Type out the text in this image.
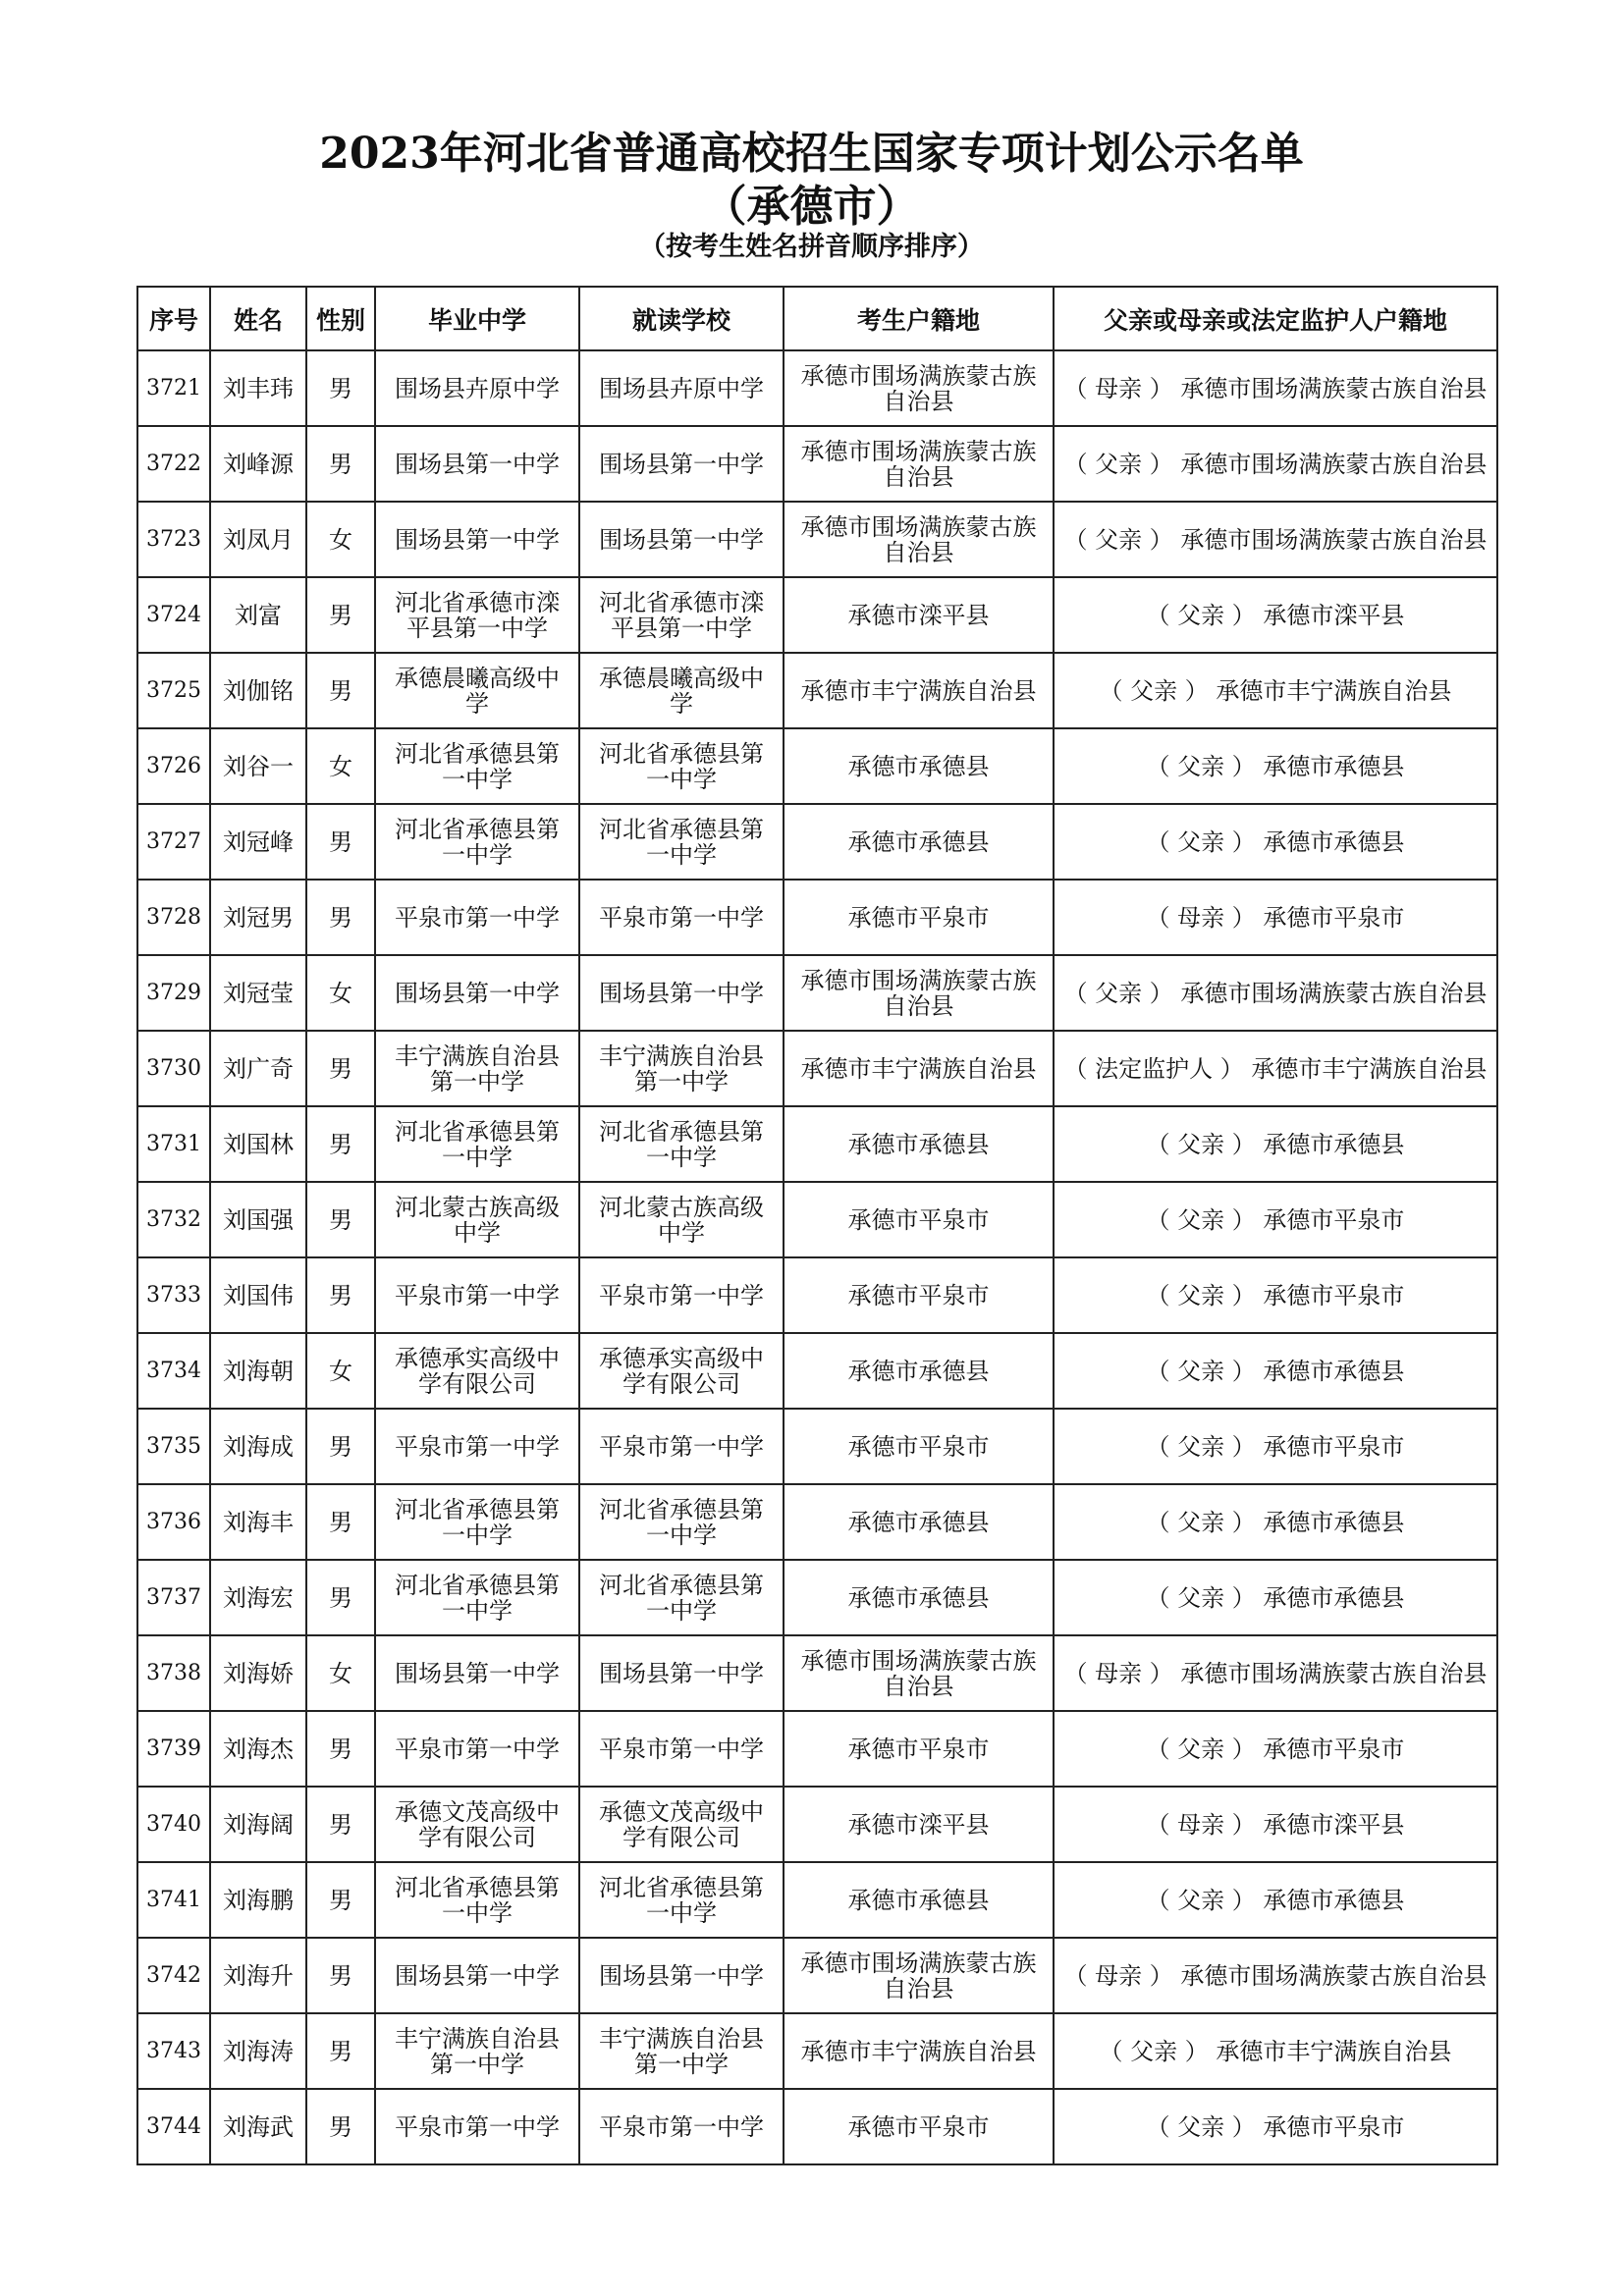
2023年河北省普通高校招生国家专项计划公示名单
（承德市）
（按考生姓名拼音顺序排序）
序号	姓名	性别	毕业中学	就读学校	考生户籍地	父亲或母亲或法定监护人户籍地
3721	刘丰玮	男	围场县卉原中学	围场县卉原中学	承德市围场满族蒙古族自治县	（ 母亲 ） 承德市围场满族蒙古族自治县
3722	刘峰源	男	围场县第一中学	围场县第一中学	承德市围场满族蒙古族自治县	（ 父亲 ） 承德市围场满族蒙古族自治县
3723	刘凤月	女	围场县第一中学	围场县第一中学	承德市围场满族蒙古族自治县	（ 父亲 ） 承德市围场满族蒙古族自治县
3724	刘富	男	河北省承德市滦平县第一中学	河北省承德市滦平县第一中学	承德市滦平县	（ 父亲 ） 承德市滦平县
3725	刘伽铭	男	承德晨曦高级中学	承德晨曦高级中学	承德市丰宁满族自治县	（ 父亲 ） 承德市丰宁满族自治县
3726	刘谷一	女	河北省承德县第一中学	河北省承德县第一中学	承德市承德县	（ 父亲 ） 承德市承德县
3727	刘冠峰	男	河北省承德县第一中学	河北省承德县第一中学	承德市承德县	（ 父亲 ） 承德市承德县
3728	刘冠男	男	平泉市第一中学	平泉市第一中学	承德市平泉市	（ 母亲 ） 承德市平泉市
3729	刘冠莹	女	围场县第一中学	围场县第一中学	承德市围场满族蒙古族自治县	（ 父亲 ） 承德市围场满族蒙古族自治县
3730	刘广奇	男	丰宁满族自治县第一中学	丰宁满族自治县第一中学	承德市丰宁满族自治县	（ 法定监护人 ） 承德市丰宁满族自治县
3731	刘国林	男	河北省承德县第一中学	河北省承德县第一中学	承德市承德县	（ 父亲 ） 承德市承德县
3732	刘国强	男	河北蒙古族高级中学	河北蒙古族高级中学	承德市平泉市	（ 父亲 ） 承德市平泉市
3733	刘国伟	男	平泉市第一中学	平泉市第一中学	承德市平泉市	（ 父亲 ） 承德市平泉市
3734	刘海朝	女	承德承实高级中学有限公司	承德承实高级中学有限公司	承德市承德县	（ 父亲 ） 承德市承德县
3735	刘海成	男	平泉市第一中学	平泉市第一中学	承德市平泉市	（ 父亲 ） 承德市平泉市
3736	刘海丰	男	河北省承德县第一中学	河北省承德县第一中学	承德市承德县	（ 父亲 ） 承德市承德县
3737	刘海宏	男	河北省承德县第一中学	河北省承德县第一中学	承德市承德县	（ 父亲 ） 承德市承德县
3738	刘海娇	女	围场县第一中学	围场县第一中学	承德市围场满族蒙古族自治县	（ 母亲 ） 承德市围场满族蒙古族自治县
3739	刘海杰	男	平泉市第一中学	平泉市第一中学	承德市平泉市	（ 父亲 ） 承德市平泉市
3740	刘海阔	男	承德文茂高级中学有限公司	承德文茂高级中学有限公司	承德市滦平县	（ 母亲 ） 承德市滦平县
3741	刘海鹏	男	河北省承德县第一中学	河北省承德县第一中学	承德市承德县	（ 父亲 ） 承德市承德县
3742	刘海升	男	围场县第一中学	围场县第一中学	承德市围场满族蒙古族自治县	（ 母亲 ） 承德市围场满族蒙古族自治县
3743	刘海涛	男	丰宁满族自治县第一中学	丰宁满族自治县第一中学	承德市丰宁满族自治县	（ 父亲 ） 承德市丰宁满族自治县
3744	刘海武	男	平泉市第一中学	平泉市第一中学	承德市平泉市	（ 父亲 ） 承德市平泉市
